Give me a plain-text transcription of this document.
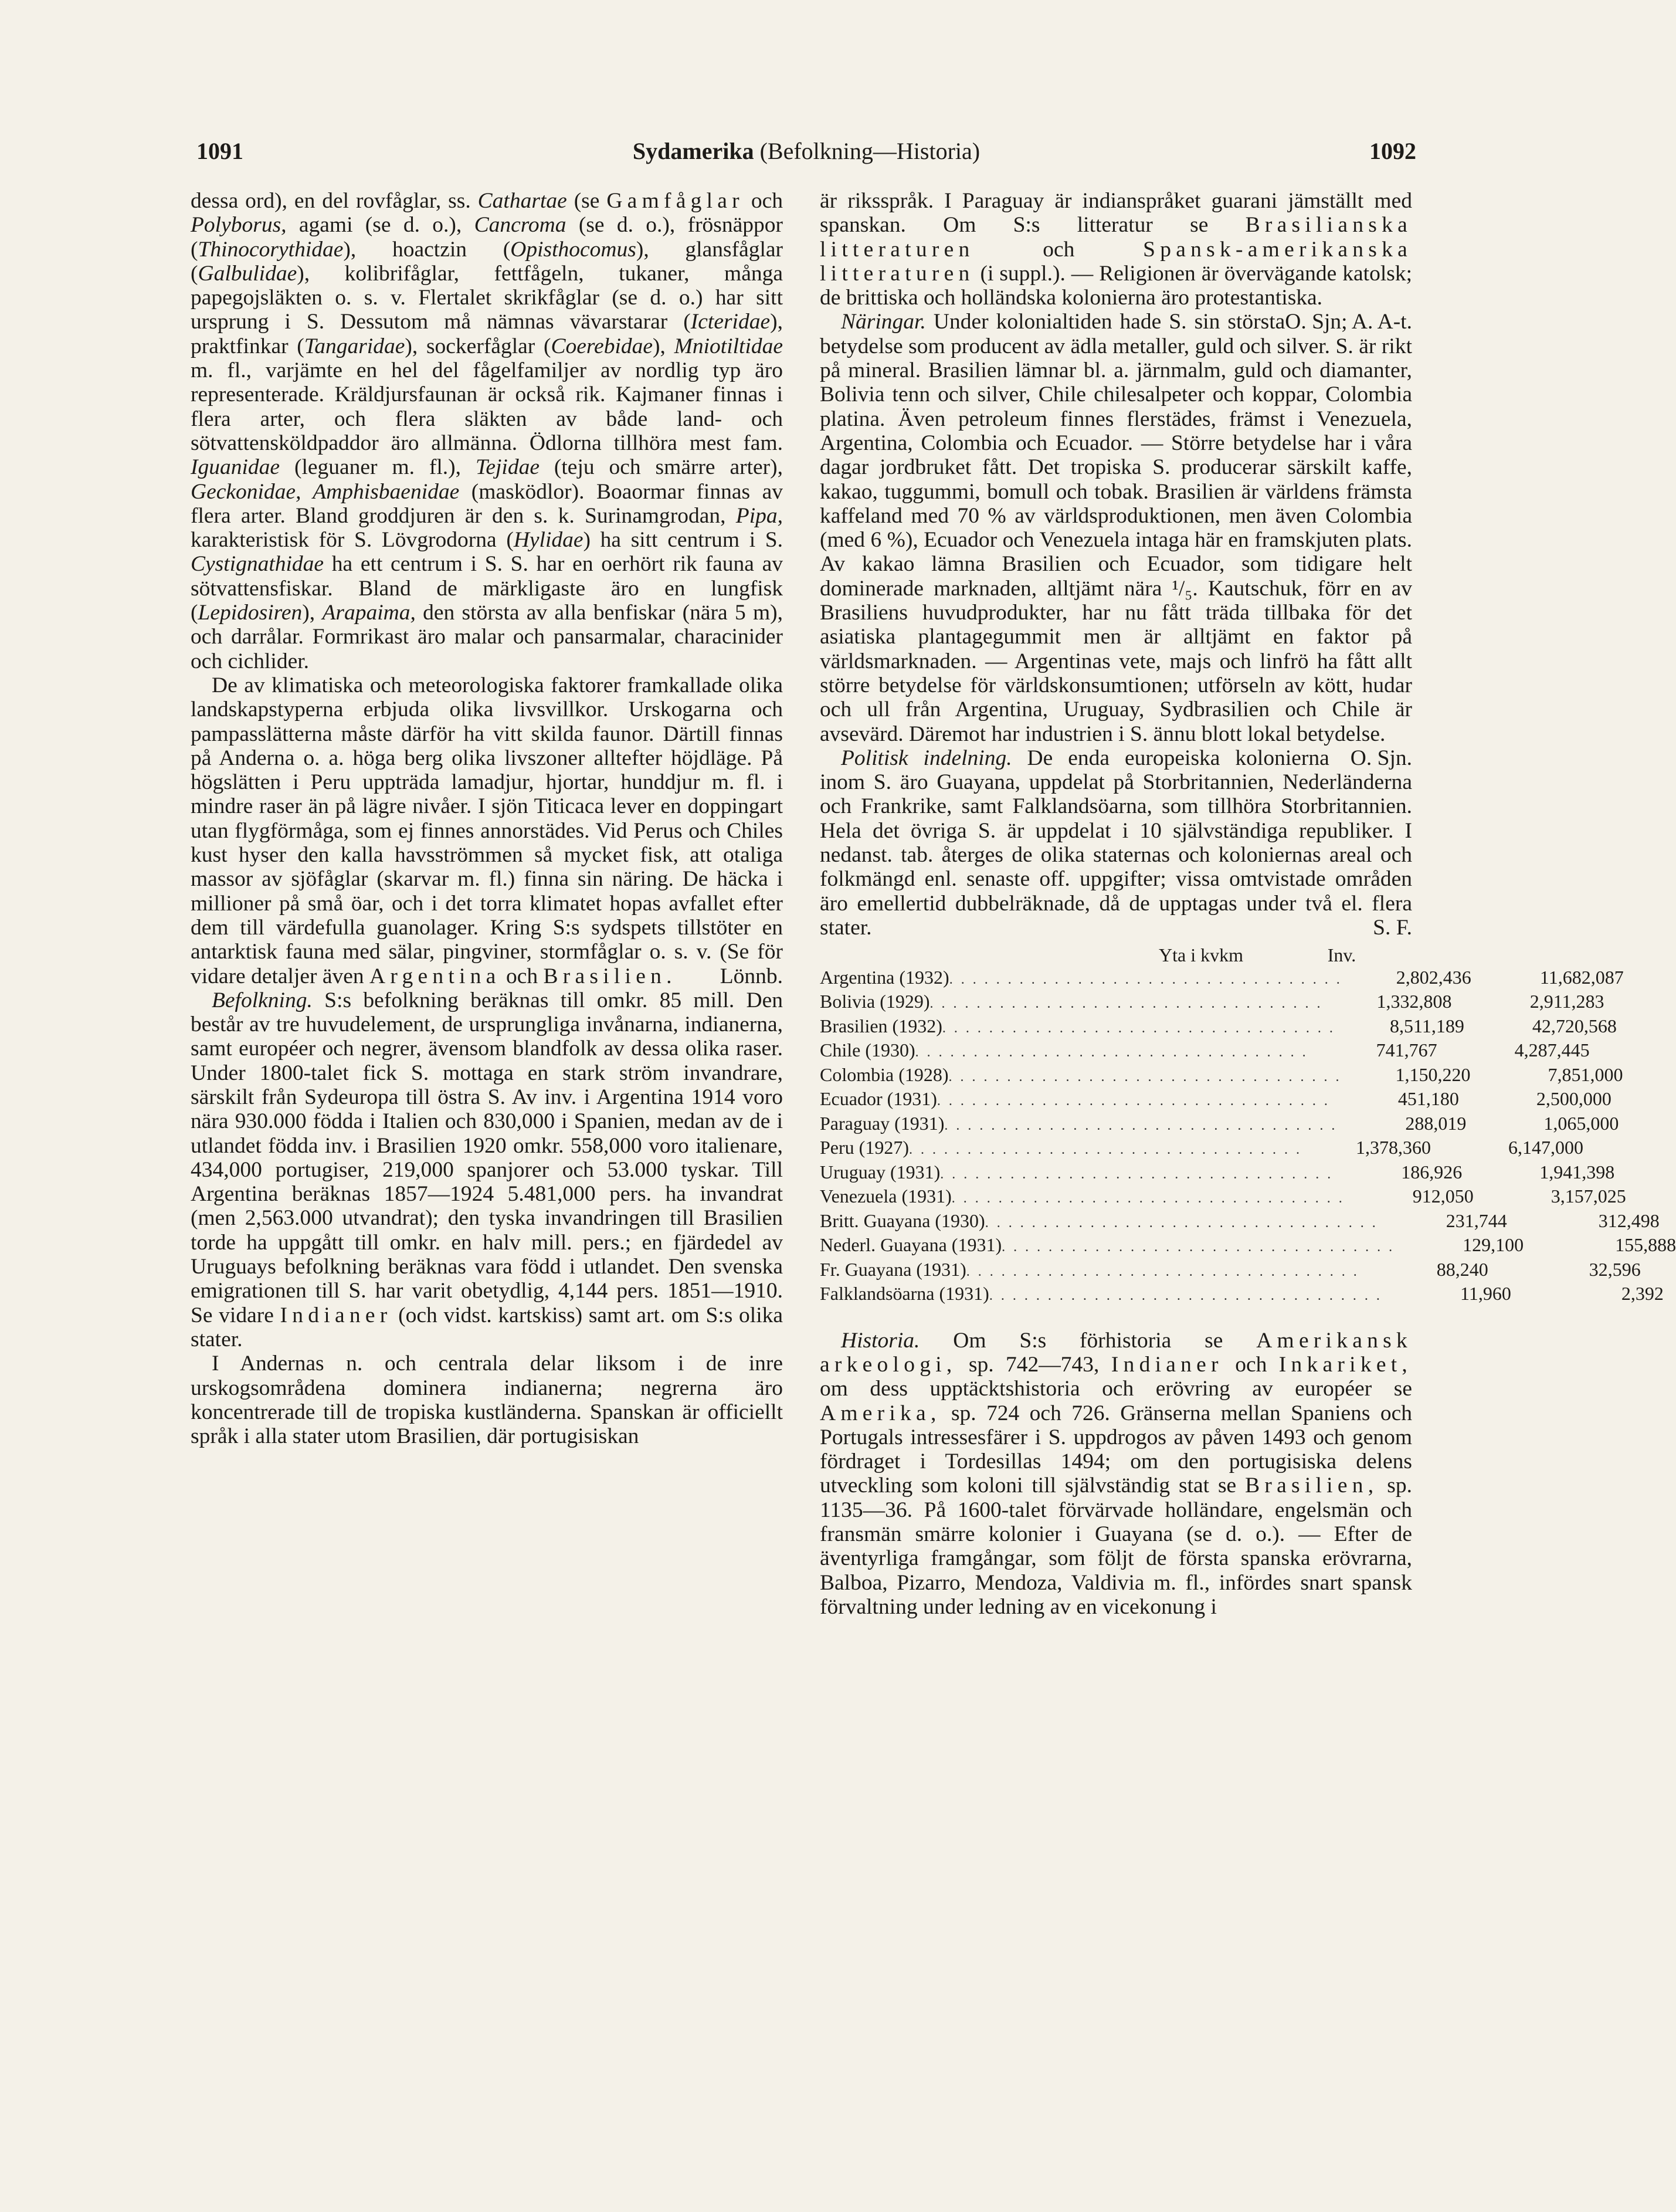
1091	Sydamerika (Befolkning—Historia)	1092

dessa ord), en del rovfåglar, ss. Cathartae (se Gamfåglar och Polyborus, agami (se d. o.), Cancroma (se d. o.), frösnäppor (Thinocorythidae), hoactzin (Opisthocomus), glansfåglar (Galbulidae), kolibrifåglar, fettfågeln, tukaner, många papegojsläkten o. s. v. Flertalet skrikfåglar (se d. o.) har sitt ursprung i S. Dessutom må nämnas vävarstarar (Icteridae), praktfinkar (Tangaridae), sockerfåglar (Coerebidae), Mniotiltidae m. fl., varjämte en hel del fågelfamiljer av nordlig typ äro representerade. Kräldjursfaunan är också rik. Kajmaner finnas i flera arter, och flera släkten av både land- och sötvattensköldpaddor äro allmänna. Ödlorna tillhöra mest fam. Iguanidae (leguaner m. fl.), Tejidae (teju och smärre arter), Geckonidae, Amphisbaenidae (masködlor). Boaormar finnas av flera arter. Bland groddjuren är den s. k. Surinamgrodan, Pipa, karakteristisk för S. Lövgrodorna (Hylidae) ha sitt centrum i S. Cystignathidae ha ett centrum i S. S. har en oerhört rik fauna av sötvattensfiskar. Bland de märkligaste äro en lungfisk (Lepidosiren), Arapaima, den största av alla benfiskar (nära 5 m), och darrålar. Formrikast äro malar och pansarmalar, characinider och cichlider.

De av klimatiska och meteorologiska faktorer framkallade olika landskapstyperna erbjuda olika livsvillkor. Urskogarna och pampasslätterna måste därför ha vitt skilda faunor. Därtill finnas på Anderna o. a. höga berg olika livszoner alltefter höjdläge. På högslätten i Peru uppträda lamadjur, hjortar, hunddjur m. fl. i mindre raser än på lägre nivåer. I sjön Titicaca lever en doppingart utan flygförmåga, som ej finnes annorstädes. Vid Perus och Chiles kust hyser den kalla havsströmmen så mycket fisk, att otaliga massor av sjöfåglar (skarvar m. fl.) finna sin näring. De häcka i millioner på små öar, och i det torra klimatet hopas avfallet efter dem till värdefulla guanolager. Kring S:s sydspets tillstöter en antarktisk fauna med sälar, pingviner, stormfåglar o. s. v. (Se för vidare detaljer även Argentina och Brasilien.	Lönnb.

Befolkning. S:s befolkning beräknas till omkr. 85 mill. Den består av tre huvudelement, de ursprungliga invånarna, indianerna, samt européer och negrer, ävensom blandfolk av dessa olika raser. Under 1800-talet fick S. mottaga en stark ström invandrare, särskilt från Sydeuropa till östra S. Av inv. i Argentina 1914 voro nära 930.000 födda i Italien och 830,000 i Spanien, medan av de i utlandet födda inv. i Brasilien 1920 omkr. 558,000 voro italienare, 434,000 portugiser, 219,000 spanjorer och 53.000 tyskar. Till Argentina beräknas 1857—1924 5.481,000 pers. ha invandrat (men 2,563.000 utvandrat); den tyska invandringen till Brasilien torde ha uppgått till omkr. en halv mill. pers.; en fjärdedel av Uruguays befolkning beräknas vara född i utlandet. Den svenska emigrationen till S. har varit obetydlig, 4,144 pers. 1851—1910. Se vidare Indianer (och vidst. kartskiss) samt art. om S:s olika stater.

I Andernas n. och centrala delar liksom i de inre urskogsområdena dominera indianerna; negrerna äro koncentrerade till de tropiska kustländerna. Spanskan är officiellt språk i alla stater utom Brasilien, där portugisiskan

är riksspråk. I Paraguay är indianspråket guarani jämställt med spanskan. Om S:s litteratur se Brasilianska litteraturen	och	Spansk-amerikanska litteraturen (i suppl.). — Religionen är övervägande katolsk; de brittiska och holländska kolonierna äro protestantiska.
O. Sjn; A. A-t.

Näringar. Under kolonialtiden hade S. sin största betydelse som producent av ädla metaller, guld och silver. S. är rikt på mineral. Brasilien lämnar bl. a. järnmalm, guld och diamanter, Bolivia tenn och silver, Chile chilesalpeter och koppar, Colombia platina. Även petroleum finnes flerstädes, främst i Venezuela, Argentina, Colombia och Ecuador. — Större betydelse har i våra dagar jordbruket fått. Det tropiska S. producerar särskilt kaffe, kakao, tuggummi, bomull och tobak. Brasilien är världens främsta kaffeland med 70 % av världsproduktionen, men även Colombia (med 6 %), Ecuador och Venezuela intaga här en framskjuten plats. Av kakao lämna Brasilien och Ecuador, som tidigare helt dominerade marknaden, alltjämt nära ¹/₅. Kautschuk, förr en av Brasiliens huvudprodukter, har nu fått träda tillbaka för det asiatiska plantagegummit men är alltjämt en faktor på världsmarknaden. — Argentinas vete, majs och linfrö ha fått allt större betydelse för världskonsumtionen; utförseln av kött, hudar och ull från Argentina, Uruguay, Sydbrasilien och Chile är avsevärd. Däremot har industrien i S. ännu blott lokal betydelse.
O. Sjn.

Politisk indelning. De enda europeiska kolonierna inom S. äro Guayana, uppdelat på Storbritannien, Nederländerna och Frankrike, samt Falklandsöarna, som tillhöra Storbritannien. Hela det övriga S. är uppdelat i 10 självständiga republiker. I nedanst. tab. återges de olika staternas och koloniernas areal och folkmängd enl. senaste off. uppgifter; vissa omtvistade områden äro emellertid dubbelräknade, då de upptagas under två el. flera stater.	S. F.

Yta i kvkm	Inv.
Argentina (1932) . . . . . . . . . . . . . . . . . . . . . . . . . . . . . . . . . .	2,802,436	11,682,087
Bolivia (1929) . . . . . . . . . . . . . . . . . . . . . . . . . . . . . . . . . .	1,332,808	2,911,283
Brasilien (1932) . . . . . . . . . . . . . . . . . . . . . . . . . . . . . . . . . .	8,511,189	42,720,568
Chile (1930) . . . . . . . . . . . . . . . . . . . . . . . . . . . . . . . . . .	741,767	4,287,445
Colombia (1928) . . . . . . . . . . . . . . . . . . . . . . . . . . . . . . . . . .	1,150,220	7,851,000
Ecuador (1931) . . . . . . . . . . . . . . . . . . . . . . . . . . . . . . . . . .	451,180	2,500,000
Paraguay (1931) . . . . . . . . . . . . . . . . . . . . . . . . . . . . . . . . . .	288,019	1,065,000
Peru (1927) . . . . . . . . . . . . . . . . . . . . . . . . . . . . . . . . . .	1,378,360	6,147,000
Uruguay (1931) . . . . . . . . . . . . . . . . . . . . . . . . . . . . . . . . . .	186,926	1,941,398
Venezuela (1931) . . . . . . . . . . . . . . . . . . . . . . . . . . . . . . . . . .	912,050	3,157,025
Britt. Guayana (1930) . . . . . . . . . . . . . . . . . . . . . . . . . . . . . . . . . .	231,744	312,498
Nederl. Guayana (1931) . . . . . . . . . . . . . . . . . . . . . . . . . . . . . . . . . .	129,100	155,888
Fr. Guayana (1931) . . . . . . . . . . . . . . . . . . . . . . . . . . . . . . . . . .	88,240	32,596
Falklandsöarna (1931) . . . . . . . . . . . . . . . . . . . . . . . . . . . . . . . . . .	11,960	2,392

Historia. Om S:s förhistoria se Amerikansk arkeologi, sp. 742—743, Indianer och Inkariket, om dess upptäcktshistoria och erövring av européer se Amerika, sp. 724 och 726. Gränserna mellan Spaniens och Portugals intressesfärer i S. uppdrogos av påven 1493 och genom fördraget i Tordesillas 1494; om den portugisiska delens utveckling som koloni till självständig stat se Brasilien, sp. 1135—36. På 1600-talet förvärvade holländare, engelsmän och fransmän smärre kolonier i Guayana (se d. o.). — Efter de äventyrliga framgångar, som följt de första spanska erövrarna, Balboa, Pizarro, Mendoza, Valdivia m. fl., infördes snart spansk förvaltning under ledning av en vicekonung i
